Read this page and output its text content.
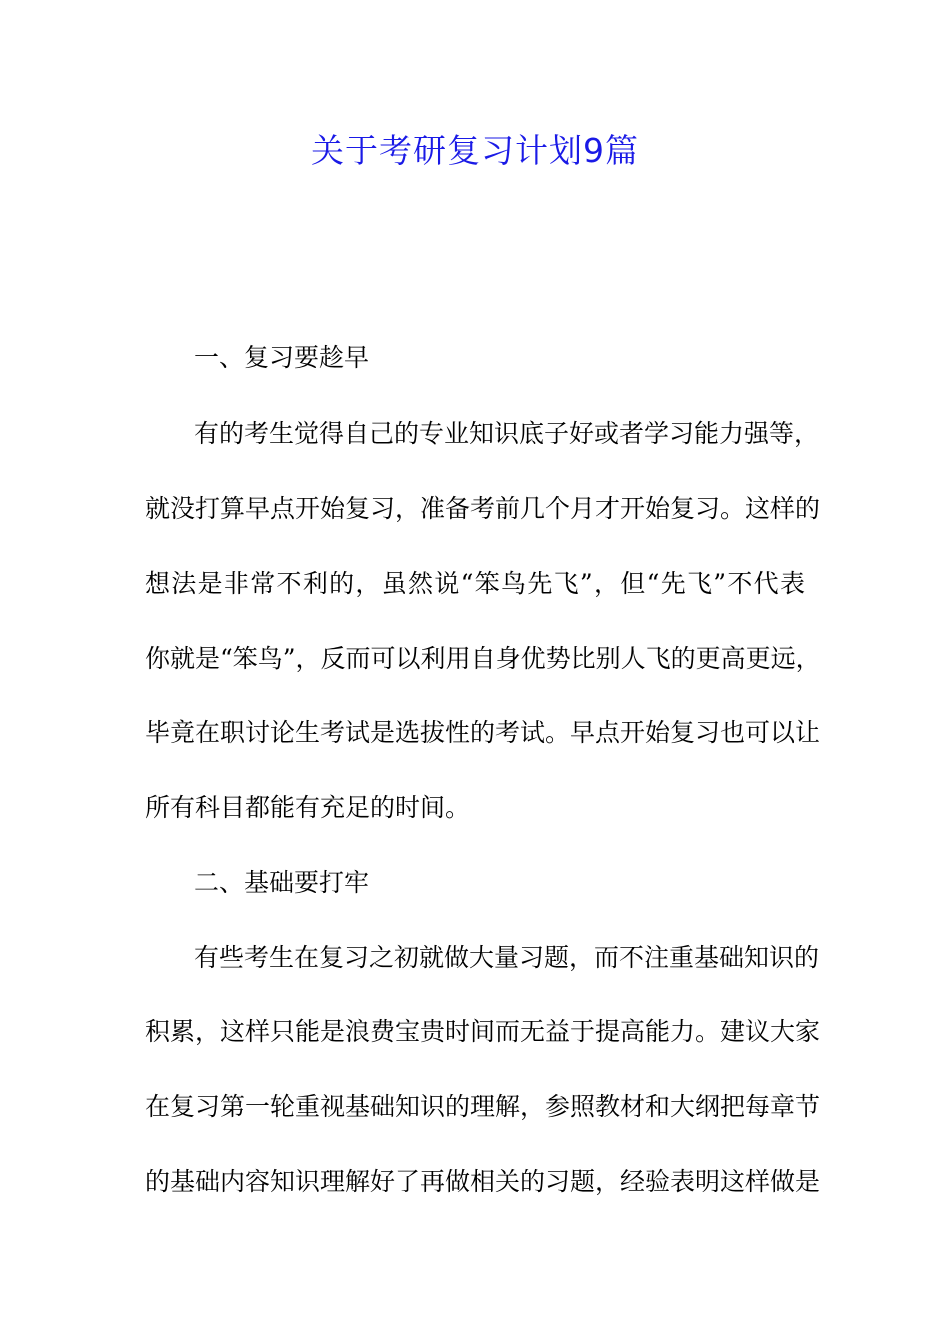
关于考研复习计划9篇

一、复习要趁早

有的考生觉得自己的专业知识底子好或者学习能力强等，

就没打算早点开始复习，准备考前几个月才开始复习。这样的

想法是非常不利的，虽然说“笨鸟先飞”，但“先飞”不代表

你就是“笨鸟”，反而可以利用自身优势比别人飞的更高更远，

毕竟在职讨论生考试是选拔性的考试。早点开始复习也可以让

所有科目都能有充足的时间。

二、基础要打牢

有些考生在复习之初就做大量习题，而不注重基础知识的

积累，这样只能是浪费宝贵时间而无益于提高能力。建议大家

在复习第一轮重视基础知识的理解，参照教材和大纲把每章节

的基础内容知识理解好了再做相关的习题，经验表明这样做是
